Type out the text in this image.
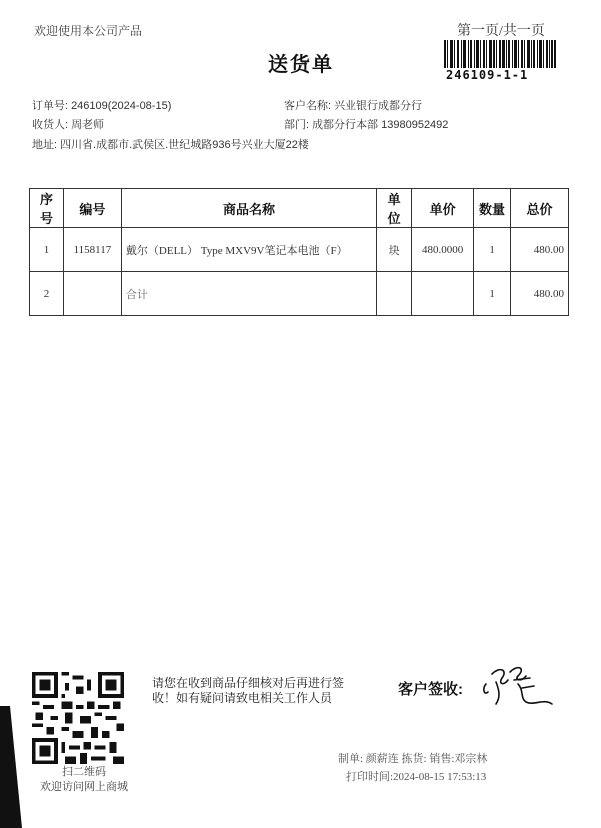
欢迎使用本公司产品	第一页/共一页
送货单	246109-1-1
订单号: 246109(2024-08-15)
收货人: 周老师
地址: 四川省.成都市.武侯区.世纪城路936号兴业大厦22楼
客户名称: 兴业银行成都分行
部门: 成都分行本部 13980952492
序号	编号	商品名称	单位	单价	数量	总价
1	1158117	戴尔（DELL） Type MXV9V笔记本电池（F）	块	480.0000	1	480.00
2		合计			1	480.00
扫二维码
欢迎访问网上商城
请您在收到商品仔细核对后再进行签收！如有疑问请致电相关工作人员	客户签收:
制单: 颜薪连 拣货: 销售:邓宗林
打印时间:2024-08-15 17:53:13
